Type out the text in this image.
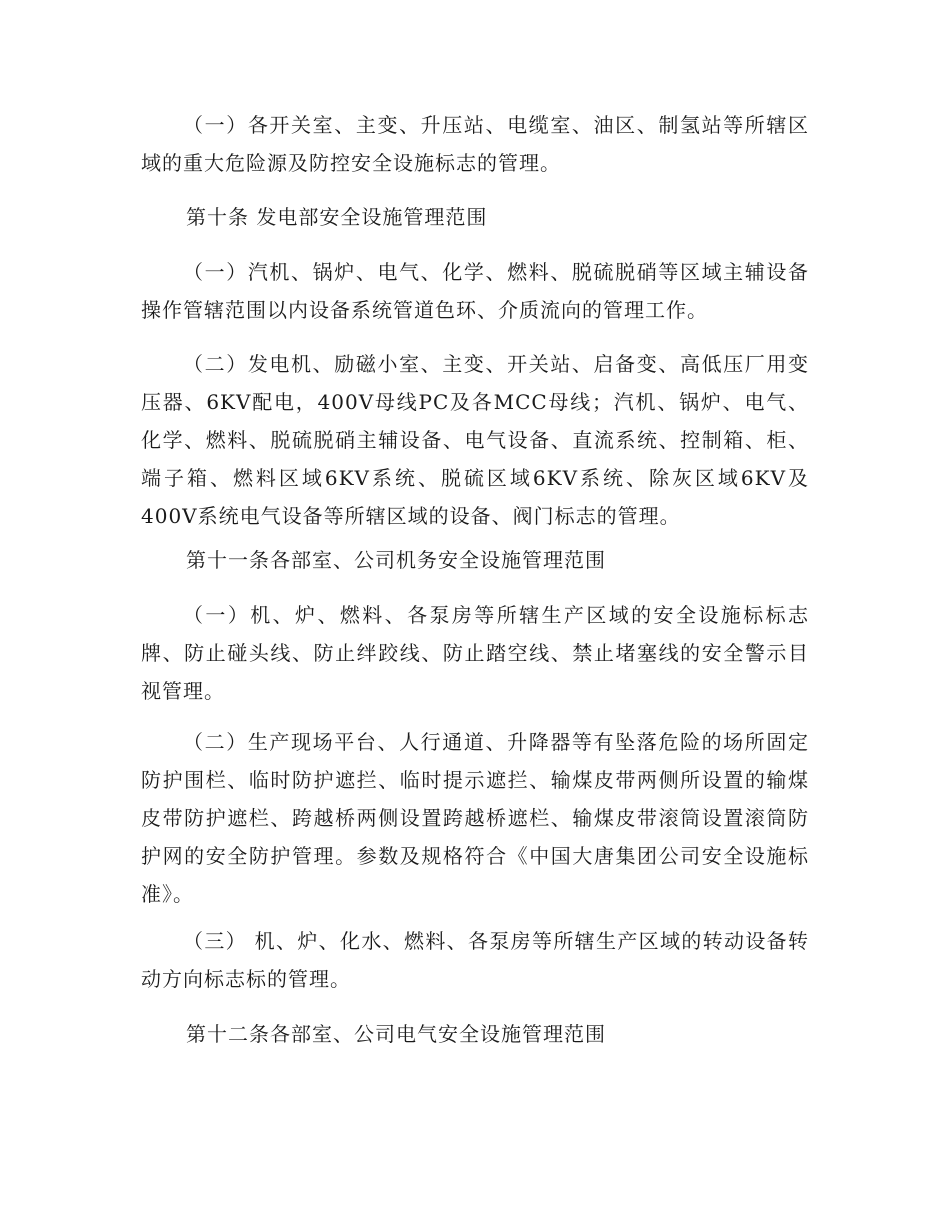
（一）各开关室、主变、升压站、电缆室、油区、制氢站等所辖区域的重大危险源及防控安全设施标志的管理。

第十条 发电部安全设施管理范围

（一）汽机、锅炉、电气、化学、燃料、脱硫脱硝等区域主辅设备操作管辖范围以内设备系统管道色环、介质流向的管理工作。

（二）发电机、励磁小室、主变、开关站、启备变、高低压厂用变压器、6KV配电，400V母线PC及各MCC母线；汽机、锅炉、电气、化学、燃料、脱硫脱硝主辅设备、电气设备、直流系统、控制箱、柜、端子箱、燃料区域6KV系统、脱硫区域6KV系统、除灰区域6KV及400V系统电气设备等所辖区域的设备、阀门标志的管理。

第十一条各部室、公司机务安全设施管理范围

（一）机、炉、燃料、各泵房等所辖生产区域的安全设施标标志牌、防止碰头线、防止绊跤线、防止踏空线、禁止堵塞线的安全警示目视管理。

（二）生产现场平台、人行通道、升降器等有坠落危险的场所固定防护围栏、临时防护遮拦、临时提示遮拦、输煤皮带两侧所设置的输煤皮带防护遮栏、跨越桥两侧设置跨越桥遮栏、输煤皮带滚筒设置滚筒防护网的安全防护管理。参数及规格符合《中国大唐集团公司安全设施标准》。

（三） 机、炉、化水、燃料、各泵房等所辖生产区域的转动设备转动方向标志标的管理。

第十二条各部室、公司电气安全设施管理范围
